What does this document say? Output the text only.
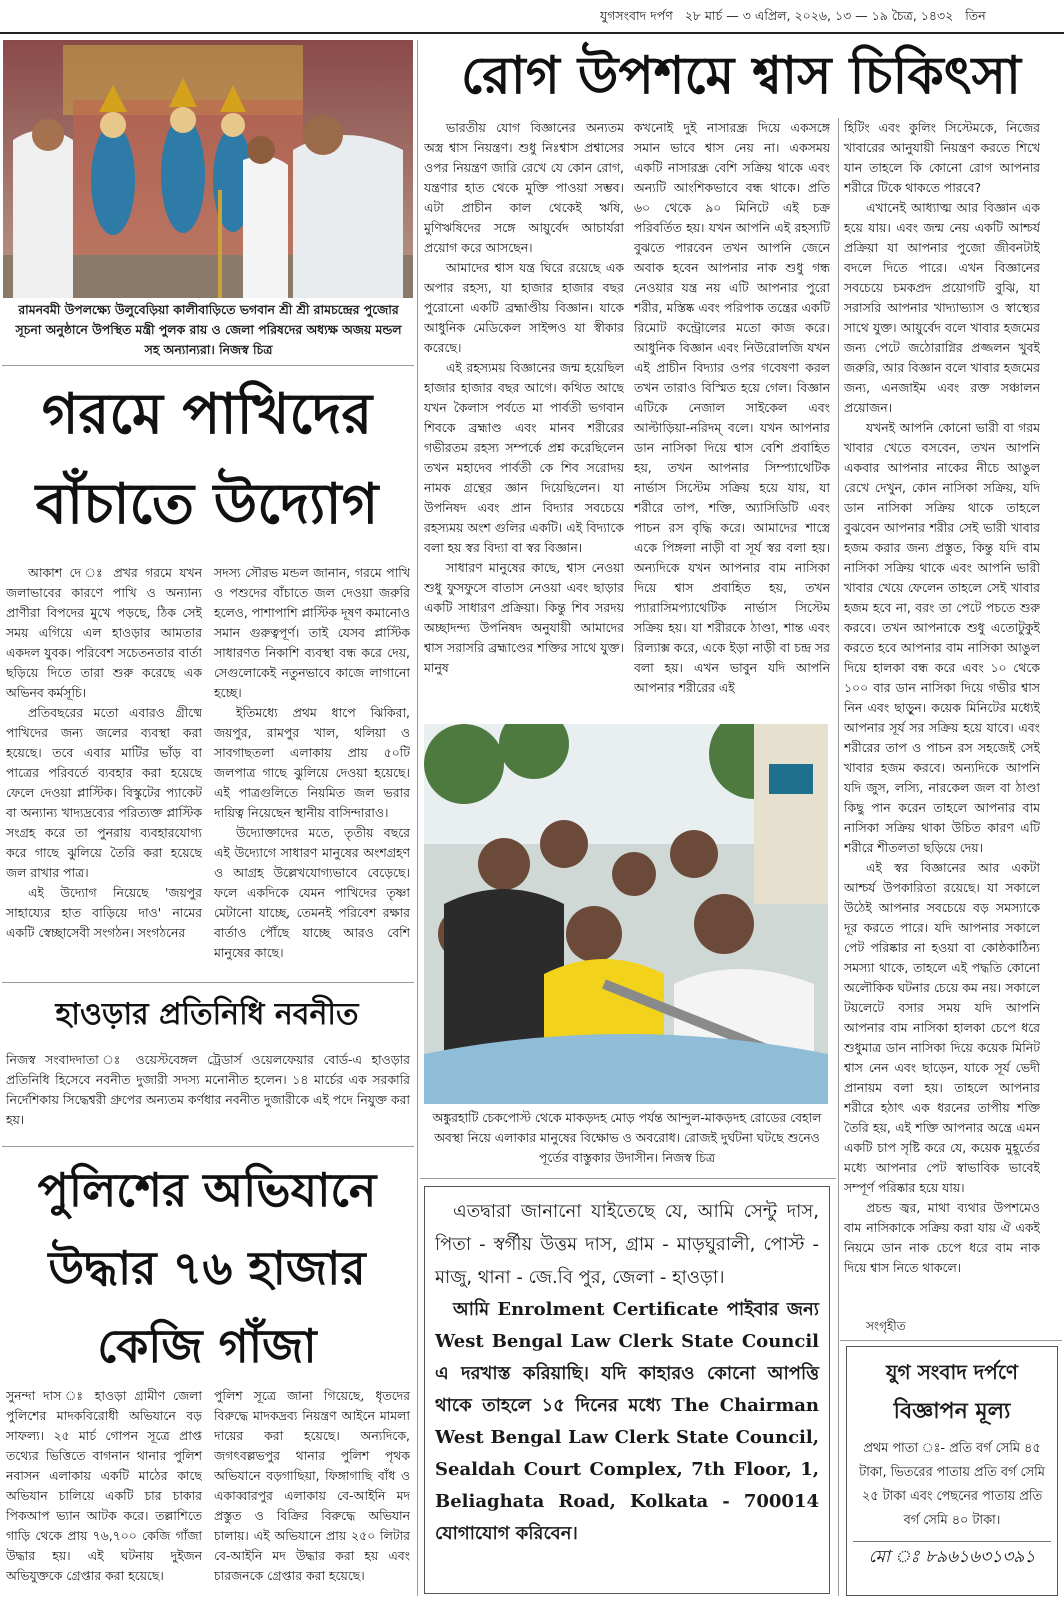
যুগসংবাদ দর্পণ ২৮ মার্চ — ৩ এপ্রিল, ২০২৬, ১৩ — ১৯ চৈত্র, ১৪৩২ তিন
রামনবমী উপলক্ষ্যে উলুবেড়িয়া কালীবাড়িতে ভগবান শ্রী শ্রী রামচন্দ্রের পুজোর সূচনা অনুষ্ঠানে উপস্থিত মন্ত্রী পুলক রায় ও জেলা পরিষদের অধ্যক্ষ অজয় মন্ডল সহ অন্যান্যরা। নিজস্ব চিত্র
গরমে পাখিদের
বাঁচাতে উদ্যোগ

আকাশ দে ঃ প্রখর গরমে যখন জলাভাবের কারণে পাখি ও অন্যান্য প্রাণীরা বিপদের মুখে পড়ছে, ঠিক সেই সময় এগিয়ে এল হাওড়ার আমতার একদল যুবক। পরিবেশ সচেতনতার বার্তা ছড়িয়ে দিতে তারা শুরু করেছে এক অভিনব কর্মসূচি।

প্রতিবছরের মতো এবারও গ্রীষ্মে পাখিদের জন্য জলের ব্যবস্থা করা হয়েছে। তবে এবার মাটির ভাঁড় বা পাত্রের পরিবর্তে ব্যবহার করা হয়েছে ফেলে দেওয়া প্লাস্টিক। বিস্কুটের প্যাকেট বা অন্যান্য খাদ্যদ্রব্যের পরিত্যক্ত প্লাস্টিক সংগ্রহ করে তা পুনরায় ব্যবহারযোগ্য করে গাছে ঝুলিয়ে তৈরি করা হয়েছে জল রাখার পাত্র।

এই উদ্যোগ নিয়েছে 'জয়পুর সাহায্যের হাত বাড়িয়ে দাও' নামের একটি স্বেচ্ছাসেবী সংগঠন। সংগঠনের

সদস্য সৌরভ মন্ডল জানান, গরমে পাখি ও পশুদের বাঁচাতে জল দেওয়া জরুরি হলেও, পাশাপাশি প্লাস্টিক দূষণ কমানোও সমান গুরুত্বপূর্ণ। তাই যেসব প্লাস্টিক সাধারণত নিকাশি ব্যবস্থা বন্ধ করে দেয়, সেগুলোকেই নতুনভাবে কাজে লাগানো হচ্ছে।

ইতিমধ্যে প্রথম ধাপে ঝিকিরা, জয়পুর, রামপুর খাল, থলিয়া ও সাবগাছতলা এলাকায় প্রায় ৫০টি জলপাত্র গাছে ঝুলিয়ে দেওয়া হয়েছে। এই পাত্রগুলিতে নিয়মিত জল ভরার দায়িত্ব নিয়েছেন স্থানীয় বাসিন্দারাও।

উদ্যোক্তাদের মতে, তৃতীয় বছরে এই উদ্যোগে সাধারণ মানুষের অংশগ্রহণ ও আগ্রহ উল্লেখযোগ্যভাবে বেড়েছে। ফলে একদিকে যেমন পাখিদের তৃষ্ণা মেটানো যাচ্ছে, তেমনই পরিবেশ রক্ষার বার্তাও পৌঁছে যাচ্ছে আরও বেশি মানুষের কাছে।

হাওড়ার প্রতিনিধি নবনীত

নিজস্ব সংবাদদাতা ঃ ওয়েস্টবেঙ্গল ট্রেডার্স ওয়েলফেয়ার বোর্ড-এ হাওড়ার প্রতিনিধি হিসেবে নবনীত দুজারী সদস্য মনোনীত হলেন। ১৪ মার্চের এক সরকারি নির্দেশিকায় সিদ্ধেশ্বরী গ্রুপের অন্যতম কর্ণধার নবনীত দুজারীকে এই পদে নিযুক্ত করা হয়।

পুলিশের অভিযানে
উদ্ধার ৭৬ হাজার
কেজি গাঁজা

সুনন্দা দাস ঃ হাওড়া গ্রামীণ জেলা পুলিশের মাদকবিরোধী অভিযানে বড় সাফল্য। ২৫ মার্চ গোপন সূত্রে প্রাপ্ত তথ্যের ভিত্তিতে বাগনান থানার পুলিশ নবাসন এলাকায় একটি মাঠের কাছে অভিযান চালিয়ে একটি চার চাকার পিকআপ ভ্যান আটক করে। তল্লাশিতে গাড়ি থেকে প্রায় ৭৬,৭০০ কেজি গাঁজা উদ্ধার হয়। এই ঘটনায় দুইজন অভিযুক্তকে গ্রেপ্তার করা হয়েছে।

পুলিশ সূত্রে জানা গিয়েছে, ধৃতদের বিরুদ্ধে মাদকদ্রব্য নিয়ন্ত্রণ আইনে মামলা দায়ের করা হয়েছে। অন্যদিকে, জগৎবল্লভপুর থানার পুলিশ পৃথক অভিযানে বড়গাছিয়া, ফিঙ্গাগাছি বাঁধ ও একাব্বারপুর এলাকায় বে-আইনি মদ প্রস্তুত ও বিক্রির বিরুদ্ধে অভিযান চালায়। এই অভিযানে প্রায় ২৫০ লিটার বে-আইনি মদ উদ্ধার করা হয় এবং চারজনকে গ্রেপ্তার করা হয়েছে।

রোগ উপশমে শ্বাস চিকিৎসা

ভারতীয় যোগ বিজ্ঞানের অন্যতম অস্ত্র শ্বাস নিয়ন্ত্রণ। শুধু নিঃশ্বাস প্রশ্বাসের ওপর নিয়ন্ত্রণ জারি রেখে যে কোন রোগ, যন্ত্রণার হাত থেকে মুক্তি পাওয়া সম্ভব। এটা প্রাচীন কাল থেকেই ঋষি, মুণিঋষিদের সঙ্গে আয়ুর্বেদ আচার্যরা প্রয়োগ করে আসছেন।

আমাদের শ্বাস যন্ত্র ঘিরে রয়েছে এক অপার রহস্য, যা হাজার হাজার বছর পুরোনো একটি ব্রহ্মাণ্ডীয় বিজ্ঞান। যাকে আধুনিক মেডিকেল সাইন্সও যা স্বীকার করেছে।

এই রহস্যময় বিজ্ঞানের জন্ম হয়েছিল হাজার হাজার বছর আগে। কথিত আছে যখন কৈলাস পর্বতে মা পার্বতী ভগবান শিবকে ব্রহ্মাণ্ড এবং মানব শরীরের গভীরতম রহস্য সম্পর্কে প্রশ্ন করেছিলেন তখন মহাদেব পার্বতী কে শিব সরোদয় নামক গ্রন্থের জ্ঞান দিয়েছিলেন। যা উপনিষদ এবং প্রান বিদ্যার সবচেয়ে রহস্যময় অংশ গুলির একটি। এই বিদ্যাকে বলা হয় স্বর বিদ্যা বা স্বর বিজ্ঞান।

সাধারণ মানুষের কাছে, শ্বাস নেওয়া শুধু ফুসফুসে বাতাস নেওয়া এবং ছাড়ার একটি সাধারণ প্রক্রিয়া। কিন্তু শিব সরদয় অচ্ছাদন্দ্য উপনিষদ অনুযায়ী আমাদের শ্বাস সরাসরি ব্রহ্মাণ্ডের শক্তির সাথে যুক্ত। মানুষ

কখনোই দুই নাসারন্ধ্র দিয়ে একসঙ্গে সমান ভাবে শ্বাস নেয় না। একসময় একটি নাসারন্ধ্র বেশি সক্রিয় থাকে এবং অন্যটি আংশিকভাবে বন্ধ থাকে। প্রতি ৬০ থেকে ৯০ মিনিটে এই চক্র পরিবর্তিত হয়। যখন আপনি এই রহস্যটি বুঝতে পারবেন তখন আপনি জেনে অবাক হবেন আপনার নাক শুধু গন্ধ নেওয়ার যন্ত্র নয় এটি আপনার পুরো শরীর, মস্তিষ্ক এবং পরিপাক তন্ত্রের একটি রিমোট কন্ট্রোলের মতো কাজ করে। আধুনিক বিজ্ঞান এবং নিউরোলজি যখন এই প্রাচীন বিদ্যার ওপর গবেষণা করল তখন তারাও বিস্মিত হয়ে গেল। বিজ্ঞান এটিকে নেজাল সাইকেল এবং আল্টাড়িয়া-নরিদম্‌ বলে। যখন আপনার ডান নাসিকা দিয়ে শ্বাস বেশি প্রবাহিত হয়, তখন আপনার সিম্প্যাথেটিক নার্ভাস সিস্টেম সক্রিয় হয়ে যায়, যা শরীরে তাপ, শক্তি, অ্যাসিডিটি এবং পাচন রস বৃদ্ধি করে। আমাদের শাস্ত্রে একে পিঙ্গলা নাড়ী বা সূর্য স্বর বলা হয়। অন্যদিকে যখন আপনার বাম নাসিকা দিয়ে শ্বাস প্রবাহিত হয়, তখন প্যারাসিমপ্যাথেটিক নার্ভাস সিস্টেম সক্রিয় হয়। যা শরীরকে ঠাণ্ডা, শান্ত এবং রিল্যাক্স করে, একে ইড়া নাড়ী বা চন্দ্র সর বলা হয়। এখন ভাবুন যদি আপনি আপনার শরীরের এই

হিটিং এবং কুলিং সিস্টেমকে, নিজের খাবারের আনুযায়ী নিয়ন্ত্রণ করতে শিখে যান তাহলে কি কোনো রোগ আপনার শরীরে টিকে থাকতে পারবে?

এখানেই আধ্যাত্ম আর বিজ্ঞান এক হয়ে যায়। এবং জন্ম নেয় একটি আশ্চর্য প্রক্রিয়া যা আপনার পুজো জীবনটাই বদলে দিতে পারে। এখন বিজ্ঞানের সবচেয়ে চমকপ্রদ প্রয়োগটি বুঝি, যা সরাসরি আপনার খাদ্যাভ্যাস ও স্বাস্থ্যের সাথে যুক্ত। আয়ুর্বেদ বলে খাবার হজমের জন্য পেটে জঠোরাগ্নির প্রজ্জলন খুবই জরুরি, আর বিজ্ঞান বলে খাবার হজমের জন্য, এনজাইম এবং রক্ত সঞ্চালন প্রয়োজন।

যখনই আপনি কোনো ভারী বা গরম খাবার খেতে বসবেন, তখন আপনি একবার আপনার নাকের নীচে আঙুল রেখে দেখুন, কোন নাসিকা সক্রিয়, যদি ডান নাসিকা সক্রিয় থাকে তাহলে বুঝবেন আপনার শরীর সেই ভারী খাবার হজম করার জন্য প্রস্তুত, কিন্তু যদি বাম নাসিকা সক্রিয় থাকে এবং আপনি ভারী খাবার খেয়ে ফেলেন তাহলে সেই খাবার হজম হবে না, বরং তা পেটে পচতে শুরু করবে। তখন আপনাকে শুধু এতোটুকুই করতে হবে আপনার বাম নাসিকা আঙুল দিয়ে হালকা বন্ধ করে এবং ১০ থেকে ১০০ বার ডান নাসিকা দিয়ে গভীর শ্বাস নিন এবং ছাড়ুন। কয়েক মিনিটের মধ্যেই আপনার সূর্য সর সক্রিয় হয়ে যাবে। এবং শরীরের তাপ ও পাচন রস সহজেই সেই খাবার হজম করবে। অন্যদিকে আপনি যদি জুস, লস্যি, নারকেল জল বা ঠাণ্ডা কিছু পান করেন তাহলে আপনার বাম নাসিকা সক্রিয় থাকা উচিত কারণ এটি শরীরে শীতলতা ছড়িয়ে দেয়।

এই স্বর বিজ্ঞানের আর একটা আশ্চর্য উপকারিতা রয়েছে। যা সকালে উঠেই আপনার সবচেয়ে বড় সমস্যাকে দূর করতে পারে। যদি আপনার সকালে পেট পরিষ্কার না হওয়া বা কোষ্ঠকাঠিন্য সমস্যা থাকে, তাহলে এই পদ্ধতি কোনো অলৌকিক ঘটনার চেয়ে কম নয়। সকালে টয়লেটে বসার সময় যদি আপনি আপনার বাম নাসিকা হালকা চেপে ধরে শুধুমাত্র ডান নাসিকা দিয়ে কয়েক মিনিট শ্বাস নেন এবং ছাড়েন, যাকে সূর্য ভেদী প্রানায়ম বলা হয়। তাহলে আপনার শরীরে হঠাৎ এক ধরনের তাপীয় শক্তি তৈরি হয়, এই শক্তি আপনার অন্ত্রে এমন একটি চাপ সৃষ্টি করে যে, কয়েক মুহূর্তের মধ্যে আপনার পেট স্বাভাবিক ভাবেই সম্পূর্ণ পরিষ্কার হয়ে যায়।

প্রচন্ড জ্বর, মাথা ব্যথার উপশমেও বাম নাসিকাকে সক্রিয় করা যায় ঐ একই নিয়মে ডান নাক চেপে ধরে বাম নাক দিয়ে শ্বাস নিতে থাকলে।

সংগৃহীত
অঙ্কুরহাটি চেকপোস্ট থেকে মাকড়দহ মোড় পর্যন্ত আন্দুল-মাকড়দহ রোডের বেহাল অবস্থা নিয়ে এলাকার মানুষের বিক্ষোভ ও অবরোধ। রোজই দুর্ঘটনা ঘটছে শুনেও পূর্তের বাস্তুকার উদাসীন। নিজস্ব চিত্র
এতদ্বারা জানানো যাইতেছে যে, আমি সেন্টু দাস, পিতা - স্বর্গীয় উত্তম দাস, গ্রাম - মাড়ঘুরালী, পোস্ট - মাজু, থানা - জে.বি পুর, জেলা - হাওড়া।
আমি Enrolment Certificate পাইবার জন্য West Bengal Law Clerk State Council এ দরখাস্ত করিয়াছি। যদি কাহারও কোনো আপত্তি থাকে তাহলে ১৫ দিনের মধ্যে The Chairman West Bengal Law Clerk State Council, Sealdah Court Complex, 7th Floor, 1, Beliaghata Road, Kolkata - 700014 যোগাযোগ করিবেন।
যুগ সংবাদ দর্পণে
বিজ্ঞাপন মূল্য
প্রথম পাতা ঃ- প্রতি বর্গ সেমি ৪৫ টাকা, ভিতরের পাতায় প্রতি বর্গ সেমি ২৫ টাকা এবং পেছনের পাতায় প্রতি বর্গ সেমি ৪০ টাকা।
মো ঃ ৮৯৬১৬৩১৩৯১
